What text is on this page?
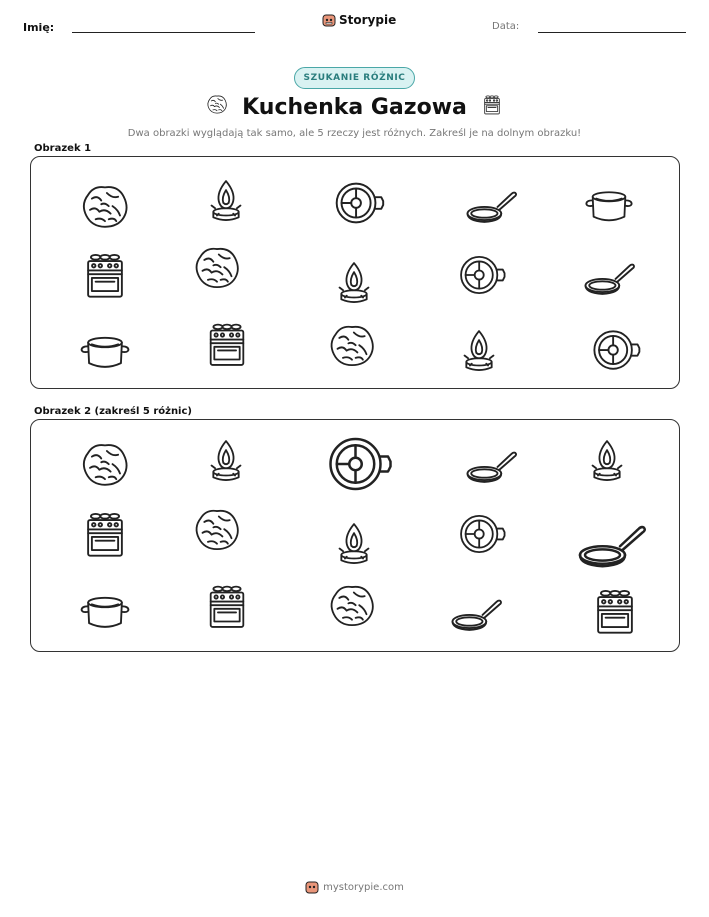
Imię:
Storypie	Data:
SZUKANIE RÓŻNIC
Kuchenka Gazowa
Dwa obrazki wyglądają tak samo, ale 5 rzeczy jest różnych. Zakreśl je na dolnym obrazku!
Obrazek 1
Obrazek 2 (zakreśl 5 różnic)
mystorypie.com
